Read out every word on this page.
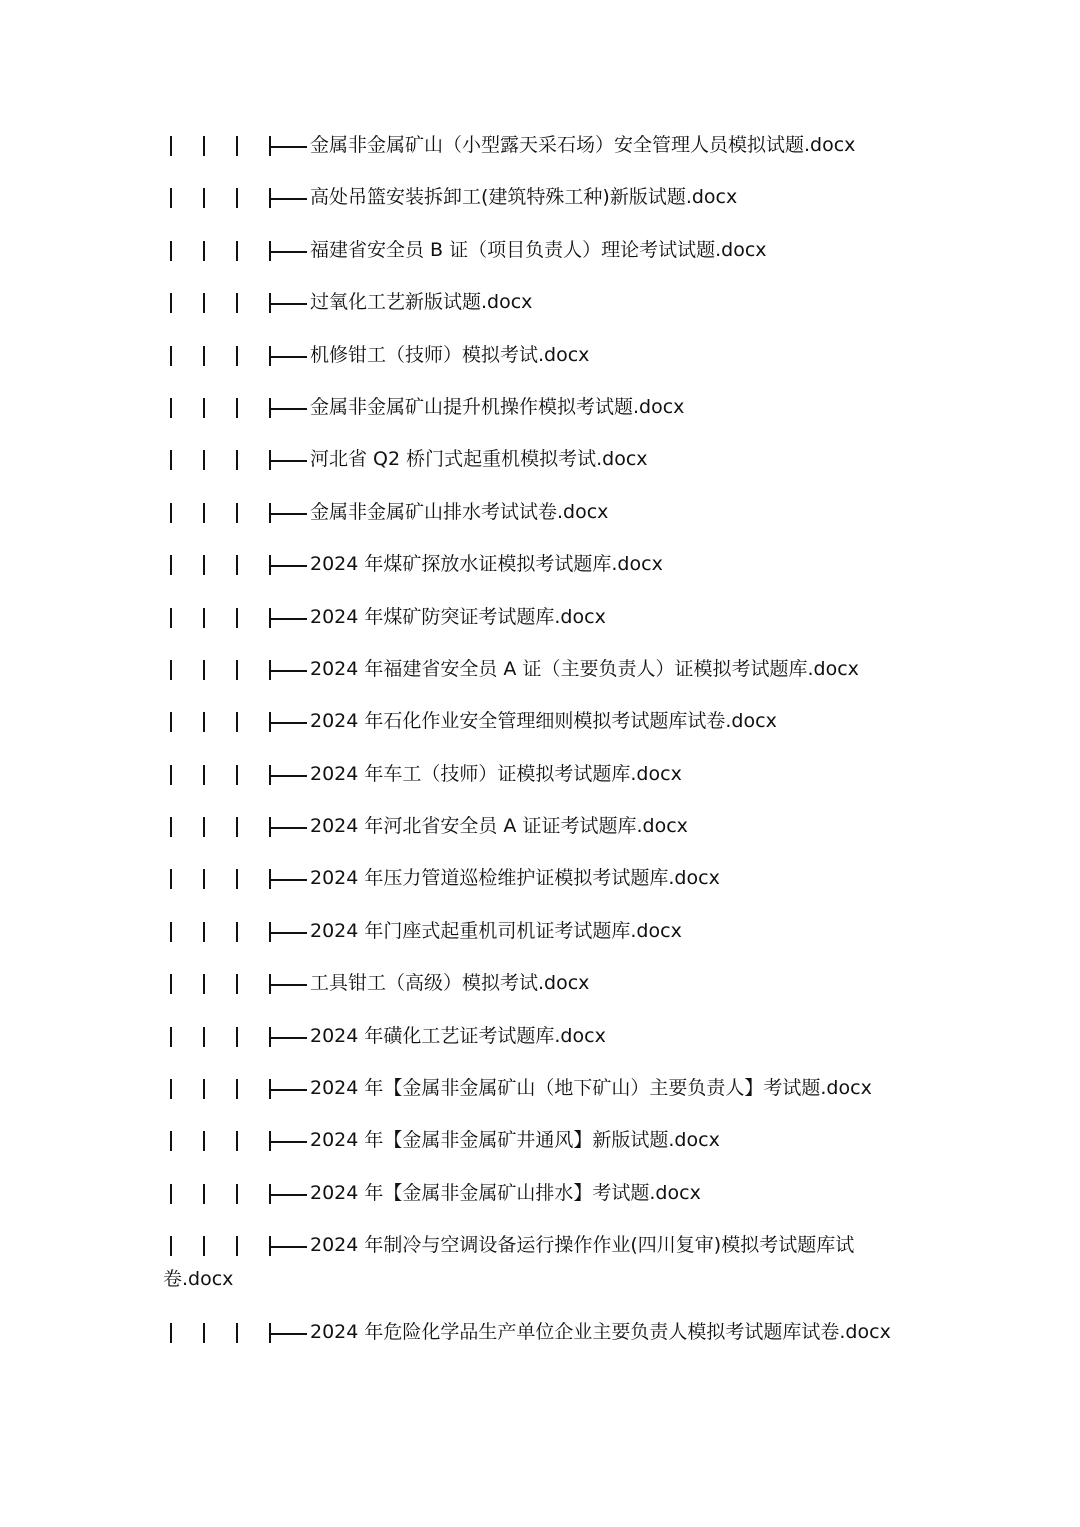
金属非金属矿山（小型露天采石场）安全管理人员模拟试题.docx
高处吊篮安装拆卸工(建筑特殊工种)新版试题.docx
福建省安全员 B 证（项目负责人）理论考试试题.docx
过氧化工艺新版试题.docx
机修钳工（技师）模拟考试.docx
金属非金属矿山提升机操作模拟考试题.docx
河北省 Q2 桥门式起重机模拟考试.docx
金属非金属矿山排水考试试卷.docx
2024 年煤矿探放水证模拟考试题库.docx
2024 年煤矿防突证考试题库.docx
2024 年福建省安全员 A 证（主要负责人）证模拟考试题库.docx
2024 年石化作业安全管理细则模拟考试题库试卷.docx
2024 年车工（技师）证模拟考试题库.docx
2024 年河北省安全员 A 证证考试题库.docx
2024 年压力管道巡检维护证模拟考试题库.docx
2024 年门座式起重机司机证考试题库.docx
工具钳工（高级）模拟考试.docx
2024 年磺化工艺证考试题库.docx
2024 年【金属非金属矿山（地下矿山）主要负责人】考试题.docx
2024 年【金属非金属矿井通风】新版试题.docx
2024 年【金属非金属矿山排水】考试题.docx
2024 年制冷与空调设备运行操作作业(四川复审)模拟考试题库试
卷.docx
2024 年危险化学品生产单位企业主要负责人模拟考试题库试卷.docx
